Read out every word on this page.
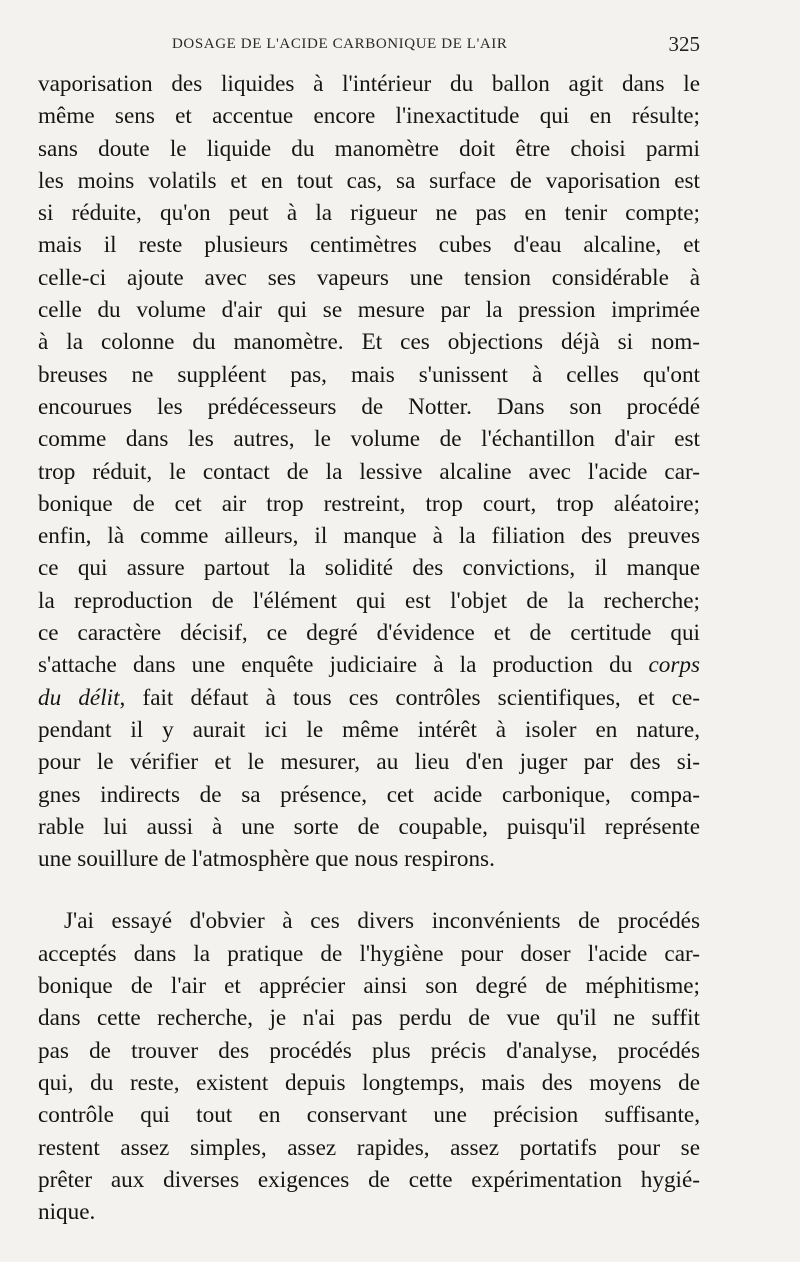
DOSAGE DE L'ACIDE CARBONIQUE DE L'AIR	325
vaporisation des liquides à l'intérieur du ballon agit dans le
même sens et accentue encore l'inexactitude qui en résulte;
sans doute le liquide du manomètre doit être choisi parmi
les moins volatils et en tout cas, sa surface de vaporisation est
si réduite, qu'on peut à la rigueur ne pas en tenir compte;
mais il reste plusieurs centimètres cubes d'eau alcaline, et
celle-ci ajoute avec ses vapeurs une tension considérable à
celle du volume d'air qui se mesure par la pression imprimée
à la colonne du manomètre. Et ces objections déjà si nom-
breuses ne suppléent pas, mais s'unissent à celles qu'ont
encourues les prédécesseurs de Notter. Dans son procédé
comme dans les autres, le volume de l'échantillon d'air est
trop réduit, le contact de la lessive alcaline avec l'acide car-
bonique de cet air trop restreint, trop court, trop aléatoire;
enfin, là comme ailleurs, il manque à la filiation des preuves
ce qui assure partout la solidité des convictions, il manque
la reproduction de l'élément qui est l'objet de la recherche;
ce caractère décisif, ce degré d'évidence et de certitude qui
s'attache dans une enquête judiciaire à la production du corps
du délit, fait défaut à tous ces contrôles scientifiques, et ce-
pendant il y aurait ici le même intérêt à isoler en nature,
pour le vérifier et le mesurer, au lieu d'en juger par des si-
gnes indirects de sa présence, cet acide carbonique, compa-
rable lui aussi à une sorte de coupable, puisqu'il représente
une souillure de l'atmosphère que nous respirons.
J'ai essayé d'obvier à ces divers inconvénients de procédés
acceptés dans la pratique de l'hygiène pour doser l'acide car-
bonique de l'air et apprécier ainsi son degré de méphitisme;
dans cette recherche, je n'ai pas perdu de vue qu'il ne suffit
pas de trouver des procédés plus précis d'analyse, procédés
qui, du reste, existent depuis longtemps, mais des moyens de
contrôle qui tout en conservant une précision suffisante,
restent assez simples, assez rapides, assez portatifs pour se
prêter aux diverses exigences de cette expérimentation hygié-
nique.
